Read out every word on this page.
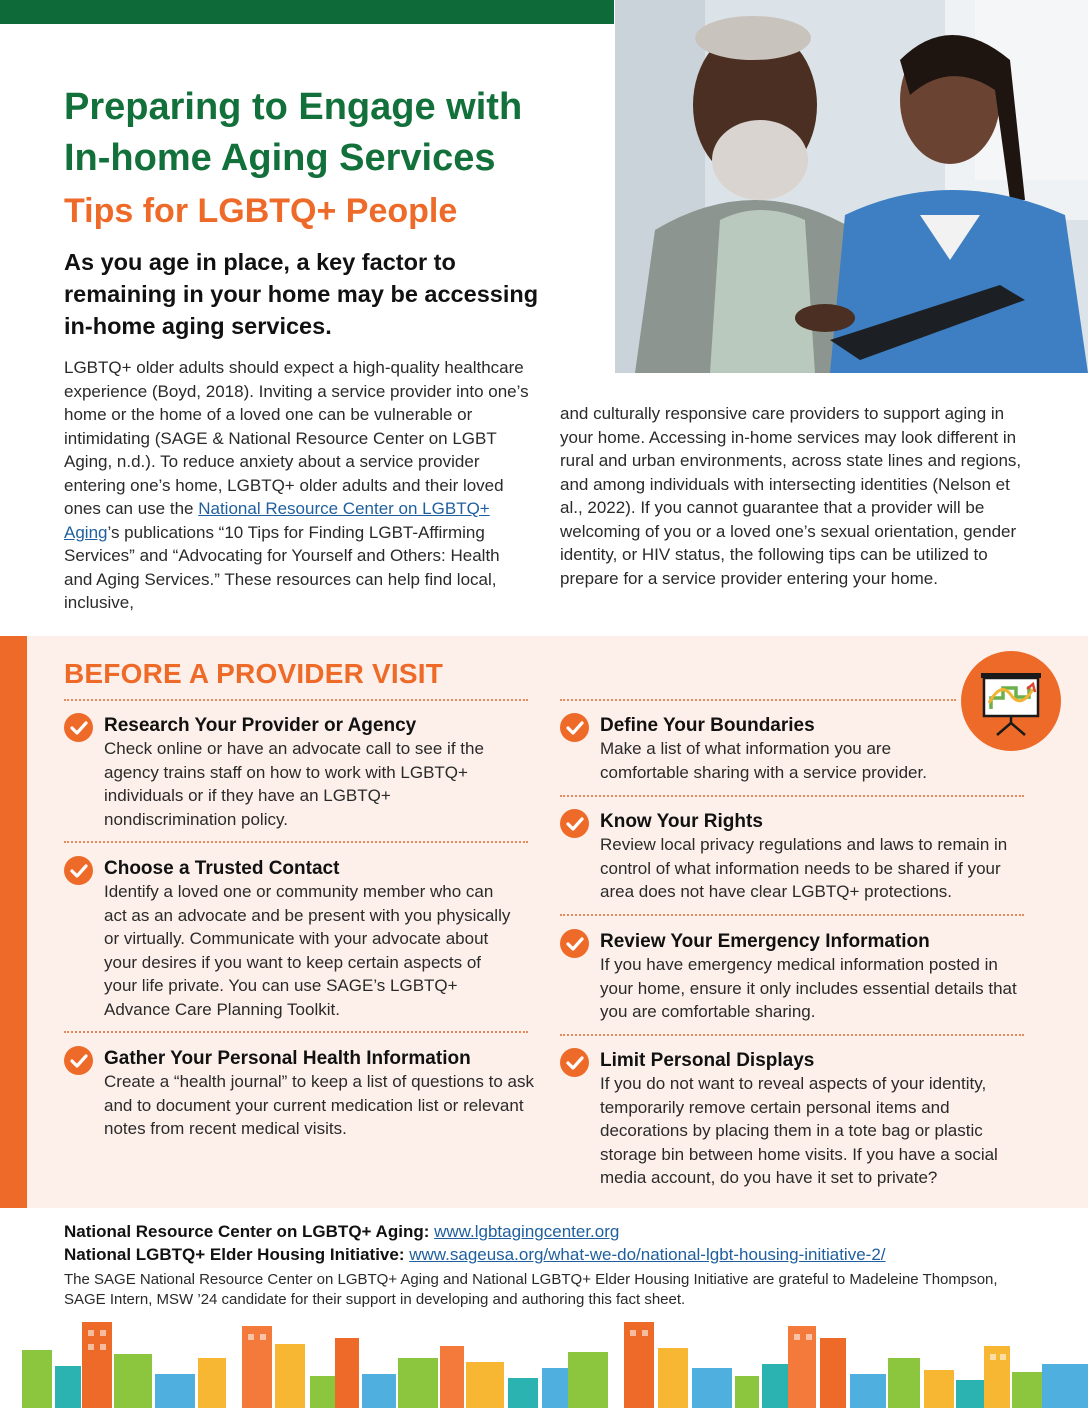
Preparing to Engage with
In-home Aging Services
Tips for LGBTQ+ People

As you age in place, a key factor to remaining in your home may be accessing in-home aging services.

LGBTQ+ older adults should expect a high-quality healthcare experience (Boyd, 2018). Inviting a service provider into one’s home or the home of a loved one can be vulnerable or intimidating (SAGE & National Resource Center on LGBT Aging, n.d.). To reduce anxiety about a service provider entering one’s home, LGBTQ+ older adults and their loved ones can use the National Resource Center on LGBTQ+ Aging’s publications “10 Tips for Finding LGBT-Affirming Services” and “Advocating for Yourself and Others: Health and Aging Services.” These resources can help find local, inclusive,

and culturally responsive care providers to support aging in your home. Accessing in-home services may look different in rural and urban environments, across state lines and regions, and among individuals with intersecting identities (Nelson et al., 2022). If you cannot guarantee that a provider will be welcoming of you or a loved one’s sexual orientation, gender identity, or HIV status, the following tips can be utilized to prepare for a service provider entering your home.

BEFORE A PROVIDER VISIT
Research Your Provider or Agency
Check online or have an advocate call to see if the agency trains staff on how to work with LGBTQ+ individuals or if they have an LGBTQ+ nondiscrimination policy.
Choose a Trusted Contact
Identify a loved one or community member who can act as an advocate and be present with you physically or virtually. Communicate with your advocate about your desires if you want to keep certain aspects of your life private. You can use SAGE’s LGBTQ+ Advance Care Planning Toolkit.
Gather Your Personal Health Information
Create a “health journal” to keep a list of questions to ask and to document your current medication list or relevant notes from recent medical visits.
Define Your Boundaries
Make a list of what information you are comfortable sharing with a service provider.
Know Your Rights
Review local privacy regulations and laws to remain in control of what information needs to be shared if your area does not have clear LGBTQ+ protections.
Review Your Emergency Information
If you have emergency medical information posted in your home, ensure it only includes essential details that you are comfortable sharing.
Limit Personal Displays
If you do not want to reveal aspects of your identity, temporarily remove certain personal items and decorations by placing them in a tote bag or plastic storage bin between home visits. If you have a social media account, do you have it set to private?
National Resource Center on LGBTQ+ Aging: www.lgbtagingcenter.org
National LGBTQ+ Elder Housing Initiative: www.sageusa.org/what-we-do/national-lgbt-housing-initiative-2/
The SAGE National Resource Center on LGBTQ+ Aging and National LGBTQ+ Elder Housing Initiative are grateful to Madeleine Thompson, SAGE Intern, MSW ’24 candidate for their support in developing and authoring this fact sheet.
